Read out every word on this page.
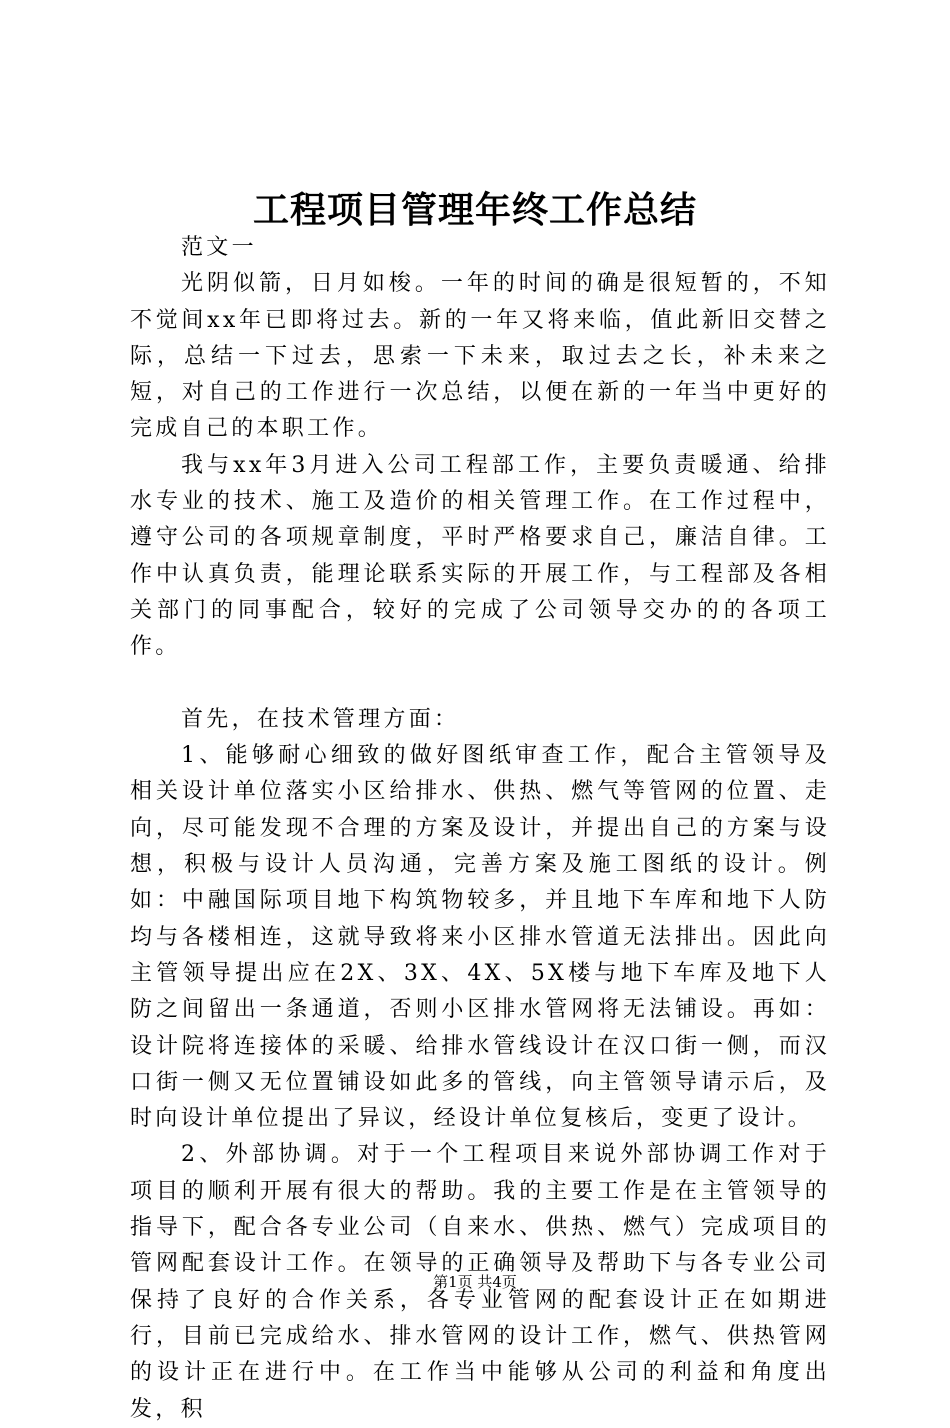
工程项目管理年终工作总结

范文一

光阴似箭，日月如梭。一年的时间的确是很短暂的，不知不觉间xx年已即将过去。新的一年又将来临，值此新旧交替之际，总结一下过去，思索一下未来，取过去之长，补未来之短，对自己的工作进行一次总结，以便在新的一年当中更好的完成自己的本职工作。

我与xx年3月进入公司工程部工作，主要负责暖通、给排水专业的技术、施工及造价的相关管理工作。在工作过程中，遵守公司的各项规章制度，平时严格要求自己，廉洁自律。工作中认真负责，能理论联系实际的开展工作，与工程部及各相关部门的同事配合，较好的完成了公司领导交办的的各项工作。

首先，在技术管理方面：

1、能够耐心细致的做好图纸审查工作，配合主管领导及相关设计单位落实小区给排水、供热、燃气等管网的位置、走向，尽可能发现不合理的方案及设计，并提出自己的方案与设想，积极与设计人员沟通，完善方案及施工图纸的设计。例如：中融国际项目地下构筑物较多，并且地下车库和地下人防均与各楼相连，这就导致将来小区排水管道无法排出。因此向主管领导提出应在2X、3X、4X、5X楼与地下车库及地下人防之间留出一条通道，否则小区排水管网将无法铺设。再如：设计院将连接体的采暖、给排水管线设计在汉口街一侧，而汉口街一侧又无位置铺设如此多的管线，向主管领导请示后，及时向设计单位提出了异议，经设计单位复核后，变更了设计。

2、外部协调。对于一个工程项目来说外部协调工作对于项目的顺利开展有很大的帮助。我的主要工作是在主管领导的指导下，配合各专业公司（自来水、供热、燃气）完成项目的管网配套设计工作。在领导的正确领导及帮助下与各专业公司保持了良好的合作关系，各专业管网的配套设计正在如期进行，目前已完成给水、排水管网的设计工作，燃气、供热管网的设计正在进行中。在工作当中能够从公司的利益和角度出发，积

第1页 共4页
